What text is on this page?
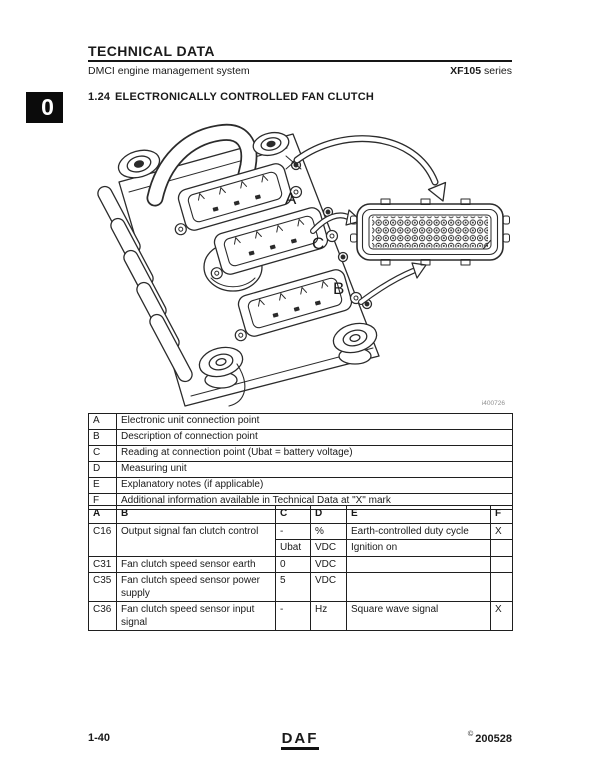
TECHNICAL DATA
DMCI engine management system	XF105 series
0	1.24 ELECTRONICALLY CONTROLLED FAN CLUTCH
A
C
B
i400726
A	Electronic unit connection point
B	Description of connection point
C	Reading at connection point (Ubat = battery voltage)
D	Measuring unit
E	Explanatory notes (if applicable)
F	Additional information available in Technical Data at "X" mark
A	B	C	D	E	F
C16	Output signal fan clutch control	-	%	Earth-controlled duty cycle	X
		Ubat	VDC	Ignition on	
C31	Fan clutch speed sensor earth	0	VDC		
C35	Fan clutch speed sensor power supply	5	VDC		
C36	Fan clutch speed sensor input signal	-	Hz	Square wave signal	X
1-40	DAF	© 200528
